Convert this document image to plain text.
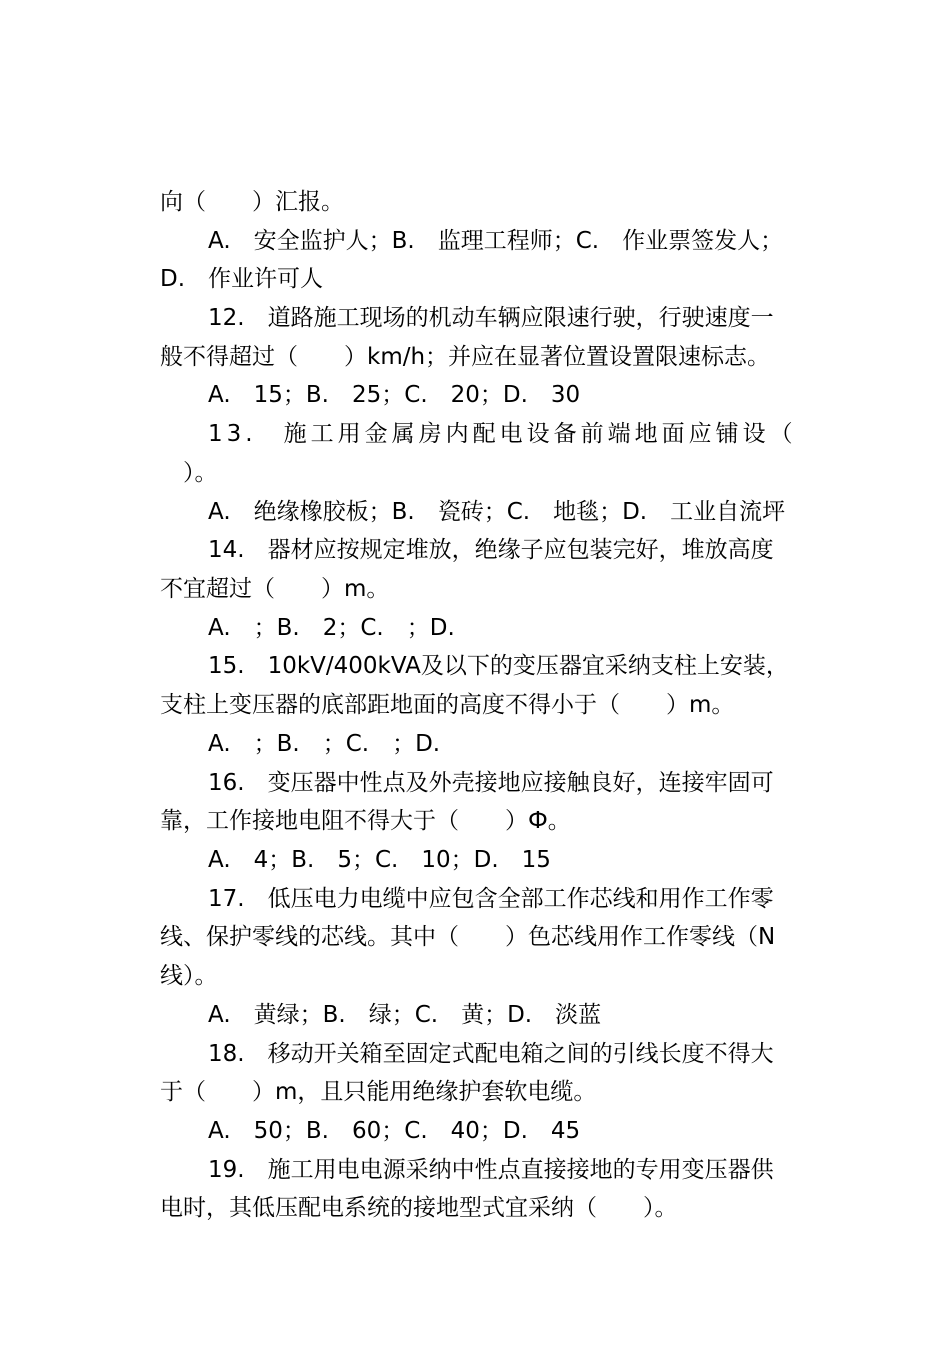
向（　　）汇报。
A.　安全监护人；B.　监理工程师；C.　作业票签发人；
D.　作业许可人
12.　道路施工现场的机动车辆应限速行驶，行驶速度一
般不得超过（　　）km/h；并应在显著位置设置限速标志。
A.　15；B.　25；C.　20；D.　30
13.　施工用金属房内配电设备前端地面应铺设（
　）。
A.　绝缘橡胶板；B.　瓷砖；C.　地毯；D.　工业自流坪
14.　器材应按规定堆放，绝缘子应包装完好，堆放高度
不宜超过（　　）m。
A.　；B.　2；C.　；D.
15.　10kV/400kVA及以下的变压器宜采纳支柱上安装，
支柱上变压器的底部距地面的高度不得小于（　　）m。
A.　；B.　；C.　；D.
16.　变压器中性点及外壳接地应接触良好，连接牢固可
靠，工作接地电阻不得大于（　　）Ф。
A.　4；B.　5；C.　10；D.　15
17.　低压电力电缆中应包含全部工作芯线和用作工作零
线、保护零线的芯线。其中（　　）色芯线用作工作零线（N
线）。
A.　黄绿；B.　绿；C.　黄；D.　淡蓝
18.　移动开关箱至固定式配电箱之间的引线长度不得大
于（　　）m，且只能用绝缘护套软电缆。
A.　50；B.　60；C.　40；D.　45
19.　施工用电电源采纳中性点直接接地的专用变压器供
电时，其低压配电系统的接地型式宜采纳（　　）。
